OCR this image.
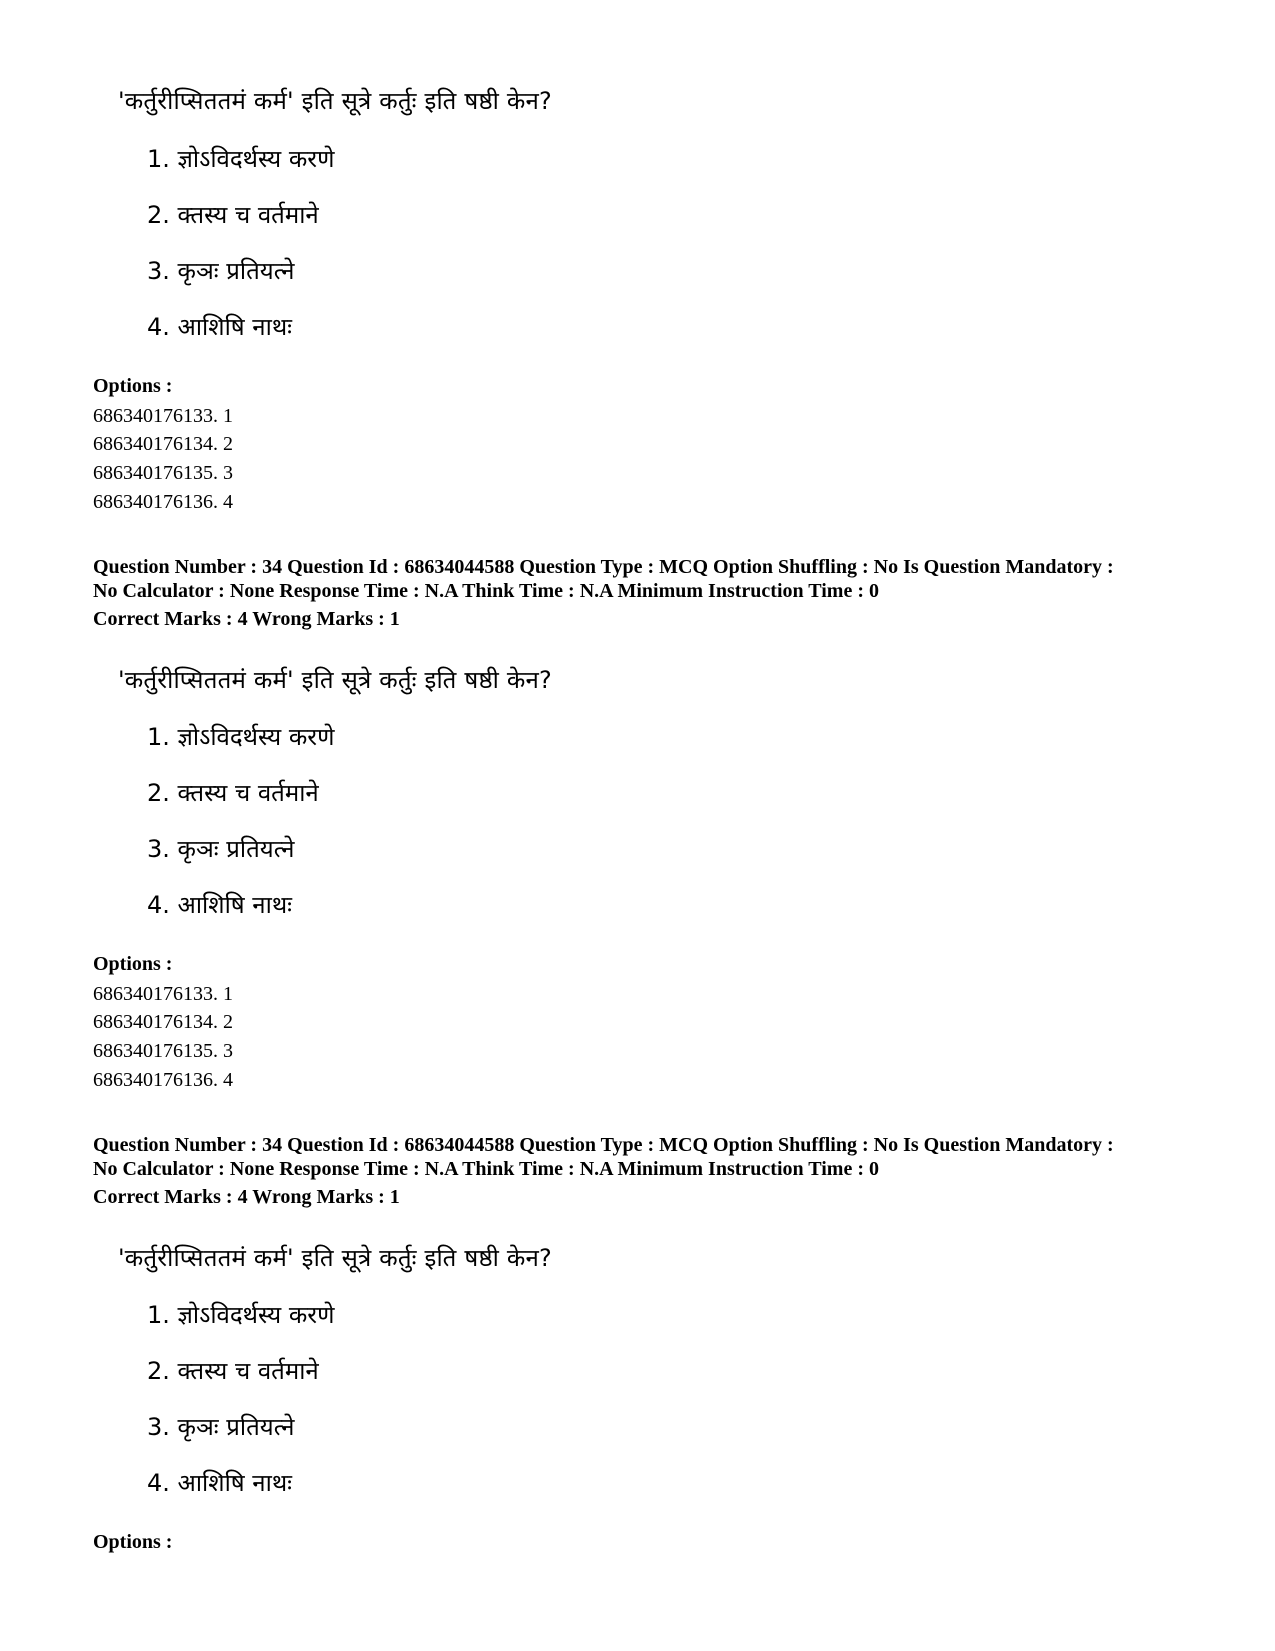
'कर्तुरीप्सिततमं कर्म' इति सूत्रे कर्तुः इति षष्ठी केन?
1. ज्ञोऽविदर्थस्य करणे
2. क्तस्य च वर्तमाने
3. कृञः प्रतियत्ने
4. आशिषि नाथः
Options :
686340176133. 1
686340176134. 2
686340176135. 3
686340176136. 4
Question Number : 34 Question Id : 68634044588 Question Type : MCQ Option Shuffling : No Is Question Mandatory :
No Calculator : None Response Time : N.A Think Time : N.A Minimum Instruction Time : 0
Correct Marks : 4 Wrong Marks : 1
'कर्तुरीप्सिततमं कर्म' इति सूत्रे कर्तुः इति षष्ठी केन?
1. ज्ञोऽविदर्थस्य करणे
2. क्तस्य च वर्तमाने
3. कृञः प्रतियत्ने
4. आशिषि नाथः
Options :
686340176133. 1
686340176134. 2
686340176135. 3
686340176136. 4
Question Number : 34 Question Id : 68634044588 Question Type : MCQ Option Shuffling : No Is Question Mandatory :
No Calculator : None Response Time : N.A Think Time : N.A Minimum Instruction Time : 0
Correct Marks : 4 Wrong Marks : 1
'कर्तुरीप्सिततमं कर्म' इति सूत्रे कर्तुः इति षष्ठी केन?
1. ज्ञोऽविदर्थस्य करणे
2. क्तस्य च वर्तमाने
3. कृञः प्रतियत्ने
4. आशिषि नाथः
Options :
